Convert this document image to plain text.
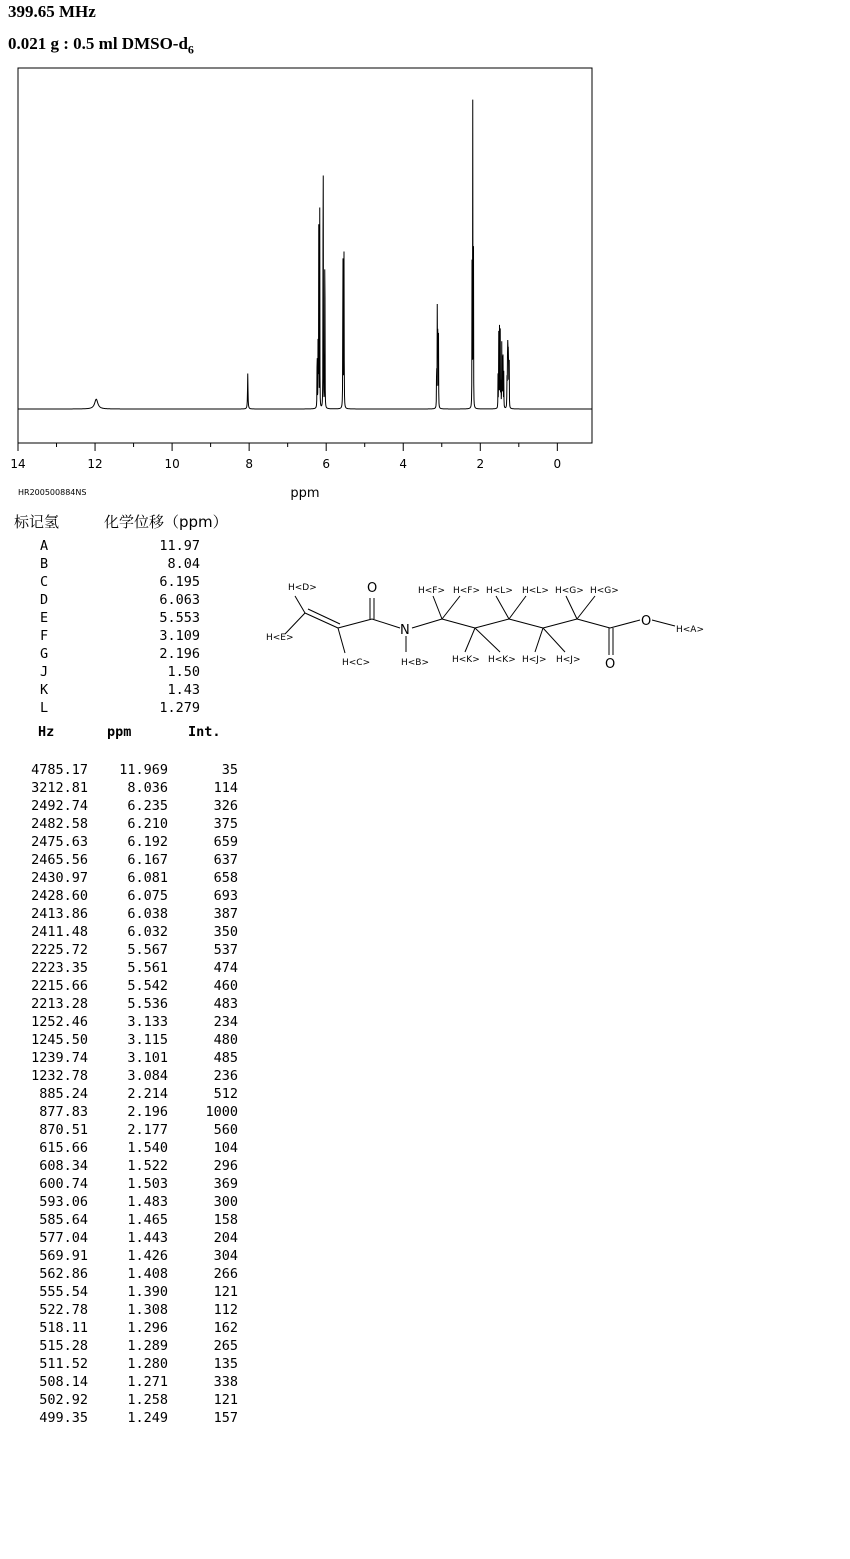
399.65 MHz
0.021 g : 0.5 ml DMSO-$d_6$
14	12	10	8	6	4	2	0
ppm
HR200500884NS
标记氢	化学位移（ppm）
A	11.97
B	8.04
C	6.195
D	6.063
E	5.553
F	3.109
G	2.196
J	1.50
K	1.43
L	1.279
Hz	ppm	Int.
4785.17 11.969	35
3212.81	8.036	114
2492.74	6.235	326
2482.58	6.210	375
2475.63	6.192	659
2465.56	6.167	637
2430.97	6.081	658
2428.60	6.075	693
2413.86	6.038	387
2411.48	6.032	350
2225.72	5.567	537
2223.35	5.561	474
2215.66	5.542	460
2213.28	5.536	483
1252.46	3.133	234
1245.50	3.115	480
1239.74	3.101	485
1232.78	3.084	236
885.24	2.214	512
877.83	2.196	1000
870.51	2.177	560
615.66	1.540	104
608.34	1.522	296
600.74	1.503	369
593.06	1.483	300
585.64	1.465	158
577.04	1.443	204
569.91	1.426	304
562.86	1.408	266
555.54	1.390	121
522.78	1.308	112
518.11	1.296	162
515.28	1.289	265
511.52	1.280	135
508.14	1.271	338
502.92	1.258	121
499.35	1.249	157
H<D>
H<E>
H<C>	H<B>
H<F> H<F> H<L> H<L> H<G> H<G>
H<K> H<K> H<J> H<J>
H<A>
O
N
O
O
